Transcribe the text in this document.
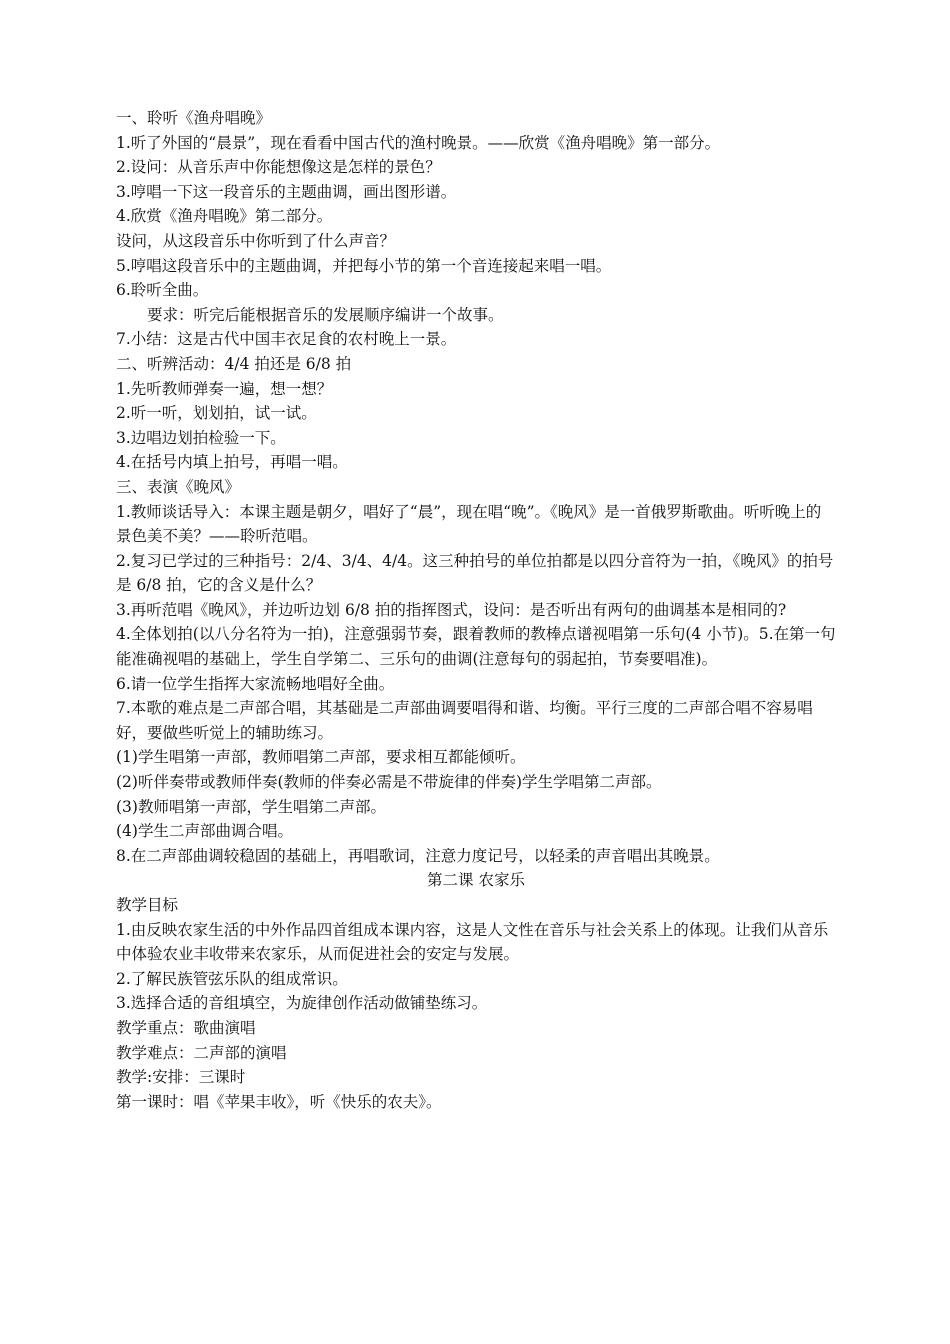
一、聆听《渔舟唱晚》

1.听了外国的“晨景”，现在看看中国古代的渔村晚景。——欣赏《渔舟唱晚》第一部分。

2.设问：从音乐声中你能想像这是怎样的景色？

3.哼唱一下这一段音乐的主题曲调，画出图形谱。

4.欣赏《渔舟唱晚》第二部分。

设问，从这段音乐中你听到了什么声音？

5.哼唱这段音乐中的主题曲调，并把每小节的第一个音连接起来唱一唱。

6.聆听全曲。

要求：听完后能根据音乐的发展顺序编讲一个故事。

7.小结：这是古代中国丰衣足食的农村晚上一景。

二、听辨活动：4/4 拍还是 6/8 拍

1.先听教师弹奏一遍，想一想？

2.听一听，划划拍，试一试。

3.边唱边划拍检验一下。

4.在括号内填上拍号，再唱一唱。

三、表演《晚风》

1.教师谈话导入：本课主题是朝夕，唱好了“晨”，现在唱“晚”。《晚风》是一首俄罗斯歌曲。听听晚上的景色美不美？——聆听范唱。

2.复习已学过的三种指号：2/4、3/4、4/4。这三种拍号的单位拍都是以四分音符为一拍，《晚风》的拍号是 6/8 拍，它的含义是什么？

3.再听范唱《晚风》，并边听边划 6/8 拍的指挥图式，设问：是否听出有两句的曲调基本是相同的?

4.全体划拍(以八分名符为一拍)，注意强弱节奏，跟着教师的教棒点谱视唱第一乐句(4 小节)。5.在第一句能准确视唱的基础上，学生自学第二、三乐句的曲调(注意每句的弱起拍，节奏要唱准)。

6.请一位学生指挥大家流畅地唱好全曲。

7.本歌的难点是二声部合唱，其基础是二声部曲调要唱得和谐、均衡。平行三度的二声部合唱不容易唱好，要做些听觉上的辅助练习。

(1)学生唱第一声部，教师唱第二声部，要求相互都能倾听。

(2)听伴奏带或教师伴奏(教师的伴奏必需是不带旋律的伴奏)学生学唱第二声部。

(3)教师唱第一声部，学生唱第二声部。

(4)学生二声部曲调合唱。

8.在二声部曲调较稳固的基础上，再唱歌词，注意力度记号，以轻柔的声音唱出其晚景。

第二课 农家乐

教学目标

1.由反映农家生活的中外作品四首组成本课内容，这是人文性在音乐与社会关系上的体现。让我们从音乐中体验农业丰收带来农家乐，从而促进社会的安定与发展。

2.了解民族管弦乐队的组成常识。

3.选择合适的音组填空，为旋律创作活动做铺垫练习。

教学重点：歌曲演唱

教学难点：二声部的演唱

教学:安排：三课时

第一课时：唱《苹果丰收》，听《快乐的农夫》。
